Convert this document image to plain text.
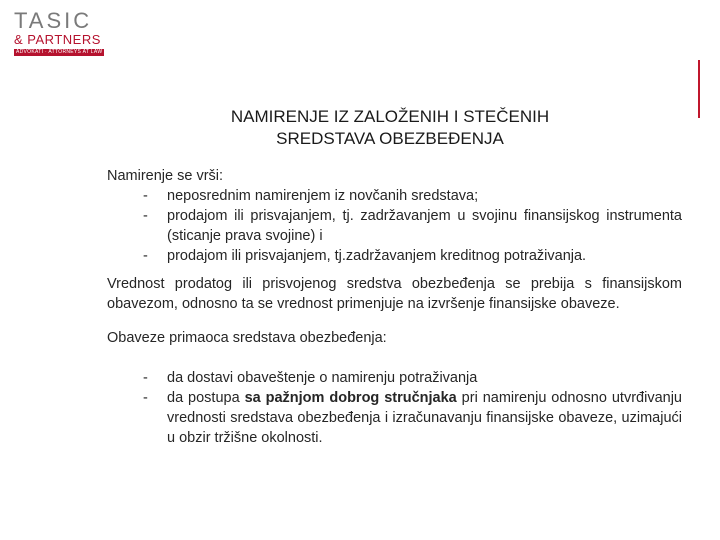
TASIC
& PARTNERS
ADVOKATI · ATTORNEYS AT LAW
NAMIRENJE IZ ZALOŽENIH I STEČENIH
SREDSTAVA OBEZBEĐENJA

Namirenje se vrši:

- neposrednim namirenjem iz novčanih sredstava;
- prodajom ili prisvajanjem, tj. zadržavanjem u svojinu finansijskog instrumenta (sticanje prava svojine) i
- prodajom ili prisvajanjem, tj.zadržavanjem kreditnog potraživanja.

Vrednost prodatog ili prisvojenog sredstva obezbeđenja se prebija s finansijskom obavezom, odnosno ta se vrednost primenjuje na izvršenje finansijske obaveze.

Obaveze primaoca sredstava obezbeđenja:

- da dostavi obaveštenje o namirenju potraživanja
- da postupa sa pažnjom dobrog stručnjaka pri namirenju odnosno utvrđivanju vrednosti sredstava obezbeđenja i izračunavanju finansijske obaveze, uzimajući u obzir tržišne okolnosti.
